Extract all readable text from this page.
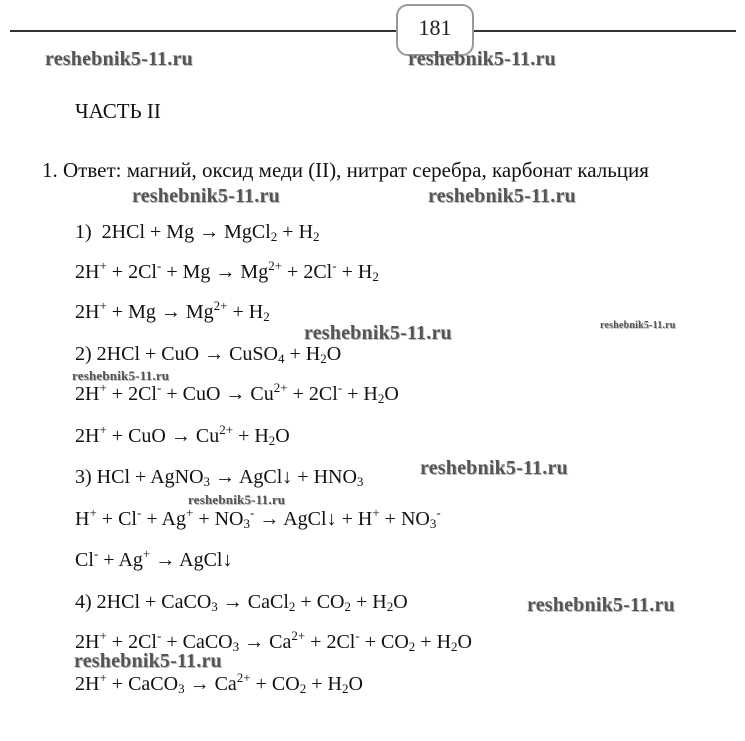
181
reshebnik5-11.ru	reshebnik5-11.ru
reshebnik5-11.ru	reshebnik5-11.ru
reshebnik5-11.ru	reshebnik5-11.ru
reshebnik5-11.ru
reshebnik5-11.ru
reshebnik5-11.ru
reshebnik5-11.ru
reshebnik5-11.ru
ЧАСТЬ II
1. Ответ: магний, оксид меди (II), нитрат серебра, карбонат кальция
1) 2HCl + Mg → MgCl$_2$ + $H_2$
$2H^+ + 2Cl^- + Mg \to Mg^{2+} + 2Cl^- + H_2$
$2H^+ + Mg \to Mg^{2+} + H_2$
2) 2HCl + CuO → CuSO$_4$ + $H_2O$
2H+ + 2Cl- + CuO → $Cu^{2+} + 2Cl^- + H_2O$
2H+ + CuO → $Cu^{2+} + H_2O$
3) HCl + AgNO$_3$ → AgCl↓ + $HNO_3$
$H^+ + Cl^- + Ag^+ + NO_3^-$ → AgCl↓ + $H^+ + NO_3^-$
Cl- + Ag+ → AgCl↓
4) 2HCl + CaCO$_3$ → CaCl$_2$ + $CO_2 + H_2O$
2H+ + 2Cl- + CaCO$_3$ → $Ca^{2+} + 2Cl^- + CO_2 + H_2O$
2H+ + CaCO$_3$ → $Ca^{2+} + CO_2 + H_2O$
